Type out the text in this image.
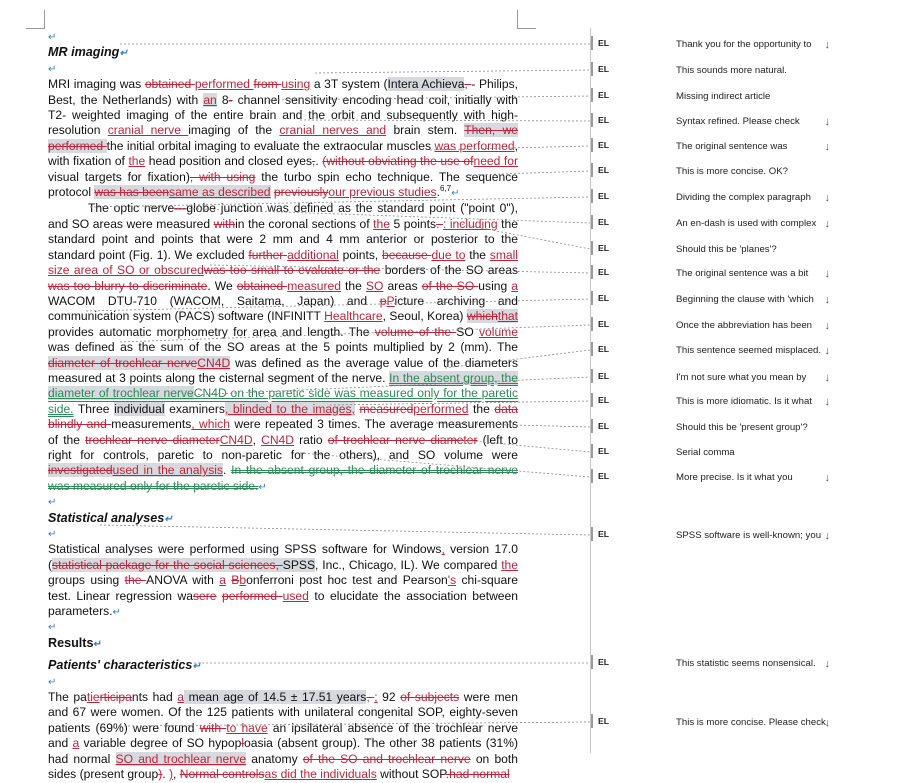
↵

MR imaging↵

↵

MRI imaging was obtained performed from using a 3T system (Intera Achieva, - Philips, Best, the Netherlands) with an 8- channel sensitivity encoding head coil, initially with T2- weighted imaging of the entire brain and the orbit and subsequently with high-resolution cranial nerve imaging of the cranial nerves and brain stem. Then, we performed the initial orbital imaging to evaluate the extraocular muscles was performed, with fixation of the head position and closed eyes,. (without obviating the use ofneed for visual targets for fixation), with using the turbo spin echo technique. The sequence protocol was has beensame as described previouslyour previous studies.$^{6,7}$↵

The optic nerve—globe junction was defined as the standard point ("point 0"), and SO areas were measured within the coronal sections of the 5 points. : including the standard point and points that were 2 mm and 4 mm anterior or posterior to the standard point (Fig. 1). We excluded further additional points, because due to the small size area of SO or obscuredwas too small to evaluate or the borders of the SO areas was too blurry to discriminate. We obtained measured the SO areas of the SO using a WACOM DTU-710 (WACOM, Saitama, Japan) and pPicture archiving and communication system (PACS) software (INFINITT Healthcare, Seoul, Korea) whichthat provides automatic morphometry for area and length. The volume of the SO volume was defined as the sum of the SO areas at the 5 points multiplied by 2 (mm). The diameter of trochlear nerveCN4D was defined as the average value of the diameters measured at 3 points along the cisternal segment of the nerve. In the absent group, the diameter of trochlear nerveCN4D on the paretic side was measured only for the paretic side. Three individual examiners, blinded to the images, measuredperformed the data blindly and measurements, which were repeated 3 times. The average measurements of the trochlear nerve diameterCN4D, CN4D ratio of trochlear nerve diameter (left to right for controls, paretic to non-paretic for the others), and SO volume were investigatedused in the analysis. In the absent group, the diameter of trochlear nerve was measured only for the paretic side.↵

↵

Statistical analyses↵

↵

Statistical analyses were performed using SPSS software for Windows, version 17.0 (statistical package for the social sciences, SPSS, Inc., Chicago, IL). We compared the groups using the ANOVA with a Bbonferroni post hoc test and Pearson's chi-square test. Linear regression wasere performed used to elucidate the association between parameters.↵

↵

Results↵

Patients' characteristics↵

↵

The patierticipants had a mean age of 14.5 ± 17.51 years, ; 92 of subjects were men and 67 were women. Of the 125 patients with unilateral congenital SOP, eighty-seven patients (69%) were found with to have an ipsilateral absence of the trochlear nerve and a variable degree of SO hypoploasia (absent group). The other 38 patients (31%) had normal SO and trochlear nerve anatomy of the SO and trochlear nerve on both sides (present group). ), Normal controlsas did the individuals without SOP.had normal

EL	Thank you for the opportunity to ↓
EL	This sounds more natural.
EL	Missing indirect article
EL	Syntax refined. Please check ↓
EL	The original sentence was	↓
EL	This is more concise. OK?
EL	Dividing the complex paragraph ↓
EL	An en-dash is used with complex ↓
EL	Should this be 'planes'?
EL	The original sentence was a bit ↓
EL	Beginning the clause with 'which ↓
EL	Once the abbreviation has been ↓
EL	This sentence seemed misplaced. ↓
EL	I'm not sure what you mean by ↓
EL	This is more idiomatic. Is it what ↓
EL	Should this be 'present group'?
EL	Serial comma
EL	More precise. Is it what you	↓
EL	SPSS software is well-known; you ↓
EL	This statistic seems nonsensical. ↓
EL	This is more concise. Please check
↓
